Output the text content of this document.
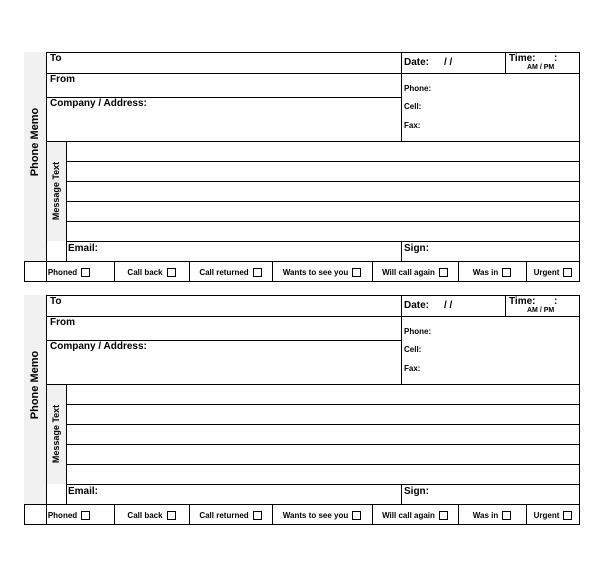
Phone Memo
Message Text
To
From
Company / Address:
Date: / /	Time: :
AM / PM
Phone:
Cell:
Fax:
Email:	Sign:
Phoned	Call back	Call returned	Wants to see you	Will call again	Was in	Urgent
Phone Memo
Message Text
To
From
Company / Address:
Date: / /	Time: :
AM / PM
Phone:
Cell:
Fax:
Email:	Sign:
Phoned	Call back	Call returned	Wants to see you	Will call again	Was in	Urgent
